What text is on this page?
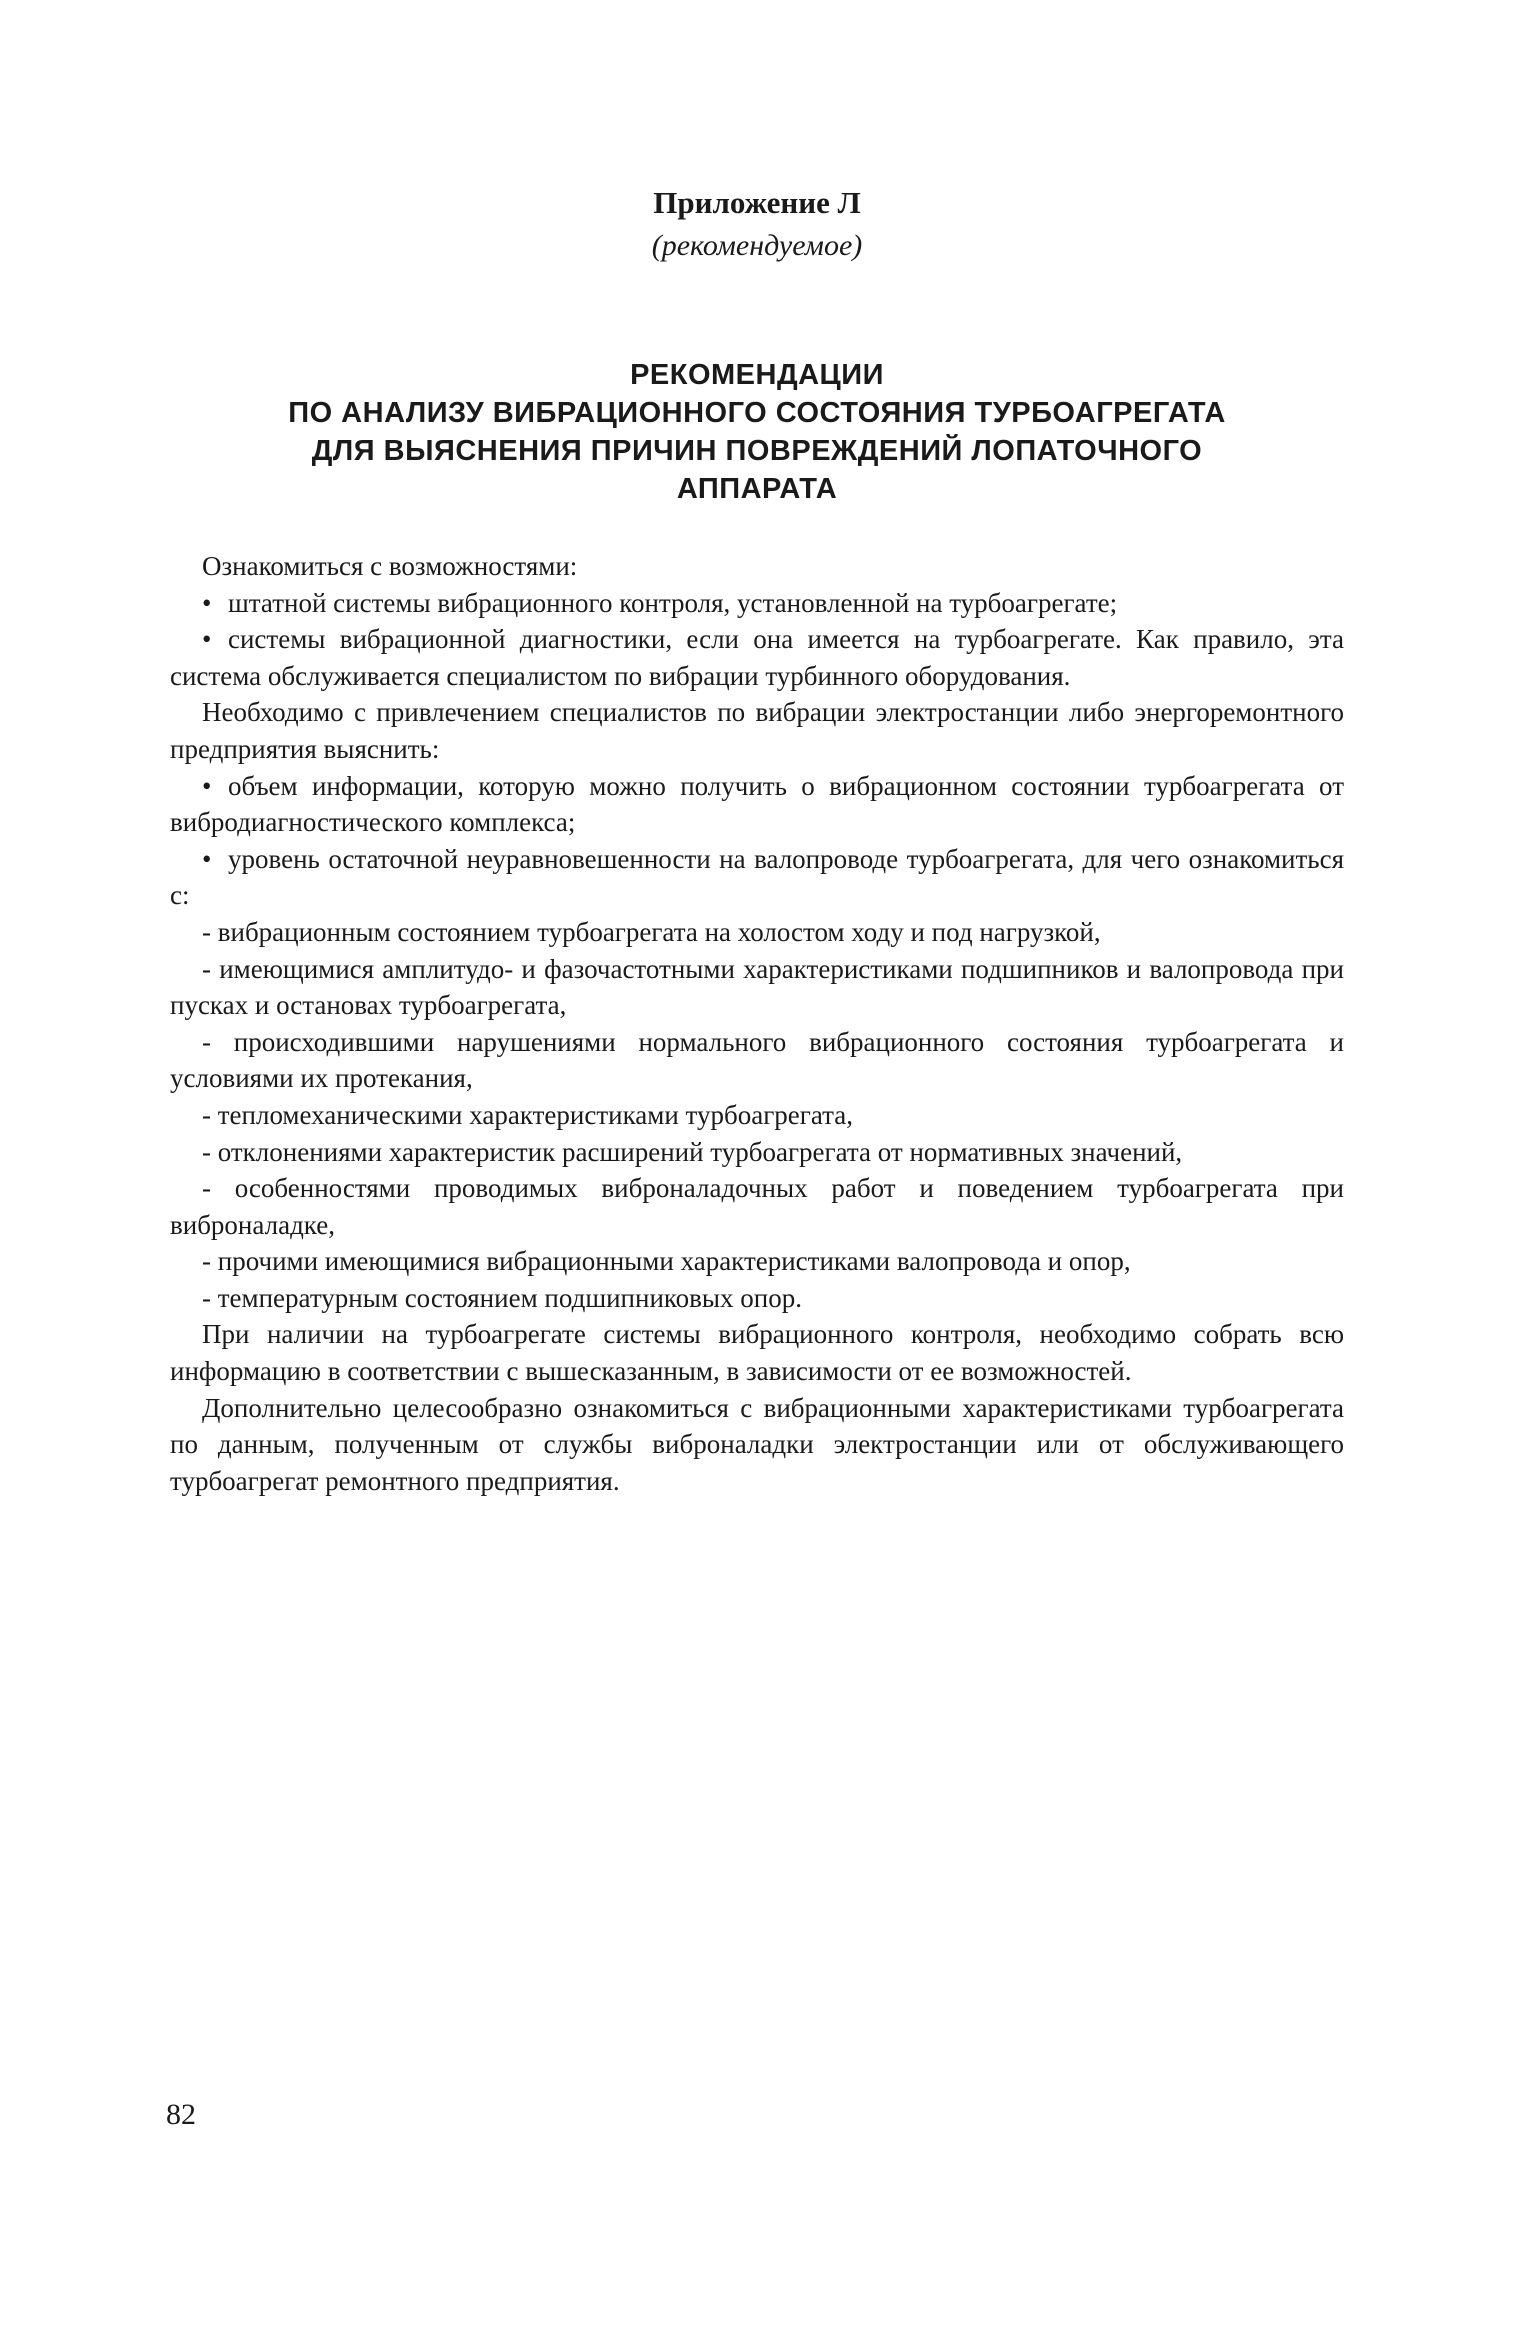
Приложение Л
(рекомендуемое)
РЕКОМЕНДАЦИИ
ПО АНАЛИЗУ ВИБРАЦИОННОГО СОСТОЯНИЯ ТУРБОАГРЕГАТА
ДЛЯ ВЫЯСНЕНИЯ ПРИЧИН ПОВРЕЖДЕНИЙ ЛОПАТОЧНОГО
АППАРАТА

Ознакомиться с возможностями:

• штатной системы вибрационного контроля, установленной на турбоагрегате;

• системы вибрационной диагностики, если она имеется на турбоагрегате. Как правило, эта система обслуживается специалистом по вибрации турбинного оборудования.

Необходимо с привлечением специалистов по вибрации электростанции либо энергоремонтного предприятия выяснить:

• объем информации, которую можно получить о вибрационном состоянии турбоагрегата от вибродиагностического комплекса;

• уровень остаточной неуравновешенности на валопроводе турбоагрегата, для чего ознакомиться с:

- вибрационным состоянием турбоагрегата на холостом ходу и под нагрузкой,

- имеющимися амплитудо- и фазочастотными характеристиками подшипников и валопровода при пусках и остановах турбоагрегата,

- происходившими нарушениями нормального вибрационного состояния турбоагрегата и условиями их протекания,

- тепломеханическими характеристиками турбоагрегата,

- отклонениями характеристик расширений турбоагрегата от нормативных значений,

- особенностями проводимых виброналадочных работ и поведением турбоагрегата при виброналадке,

- прочими имеющимися вибрационными характеристиками валопровода и опор,

- температурным состоянием подшипниковых опор.

При наличии на турбоагрегате системы вибрационного контроля, необходимо собрать всю информацию в соответствии с вышесказанным, в зависимости от ее возможностей.

Дополнительно целесообразно ознакомиться с вибрационными характеристиками турбоагрегата по данным, полученным от службы виброналадки электростанции или от обслуживающего турбоагрегат ремонтного предприятия.

82
